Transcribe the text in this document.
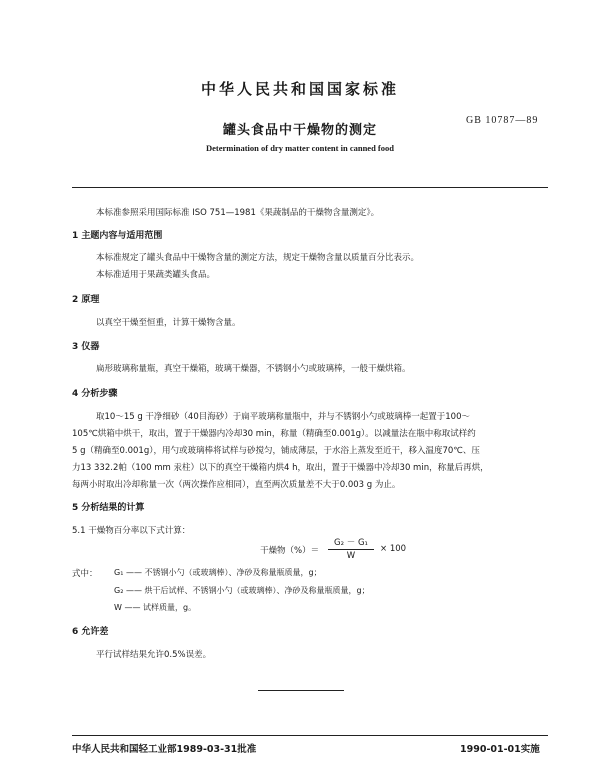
中华人民共和国国家标准
罐头食品中干燥物的测定
GB 10787—89
Determination of dry matter content in canned food
本标准参照采用国际标准 ISO 751—1981《果蔬制品的干燥物含量测定》。
1 主题内容与适用范围
本标准规定了罐头食品中干燥物含量的测定方法，规定干燥物含量以质量百分比表示。
本标准适用于果蔬类罐头食品。
2 原理
以真空干燥至恒重，计算干燥物含量。
3 仪器
扁形玻璃称量瓶，真空干燥箱，玻璃干燥器，不锈钢小勺或玻璃棒，一般干燥烘箱。
4 分析步骤
取10～15 g 干净细砂（40目海砂）于扁平玻璃称量瓶中，并与不锈钢小勺或玻璃棒一起置于100～
105℃烘箱中烘干，取出，置于干燥器内冷却30 min，称量（精确至0.001g）。以减量法在瓶中称取试样约
5 g（精确至0.001g），用勺或玻璃棒将试样与砂搅匀，铺成薄层，于水浴上蒸发至近干，移入温度70℃、压
力13 332.2帕（100 mm 汞柱）以下的真空干燥箱内烘4 h，取出，置于干燥器中冷却30 min，称量后再烘，
每两小时取出冷却称量一次（两次操作应相同），直至两次质量差不大于0.003 g 为止。
5 分析结果的计算
5.1 干燥物百分率以下式计算：
干燥物（%）＝
G₂ － G₁
W
× 100
式中： G₁ —— 不锈钢小勺（或玻璃棒）、净砂及称量瓶质量，g；
G₂ —— 烘干后试样、不锈钢小勺（或玻璃棒）、净砂及称量瓶质量，g；
W —— 试样质量，g。
6 允许差
平行试样结果允许0.5%误差。
中华人民共和国轻工业部1989-03-31批准	1990-01-01实施
